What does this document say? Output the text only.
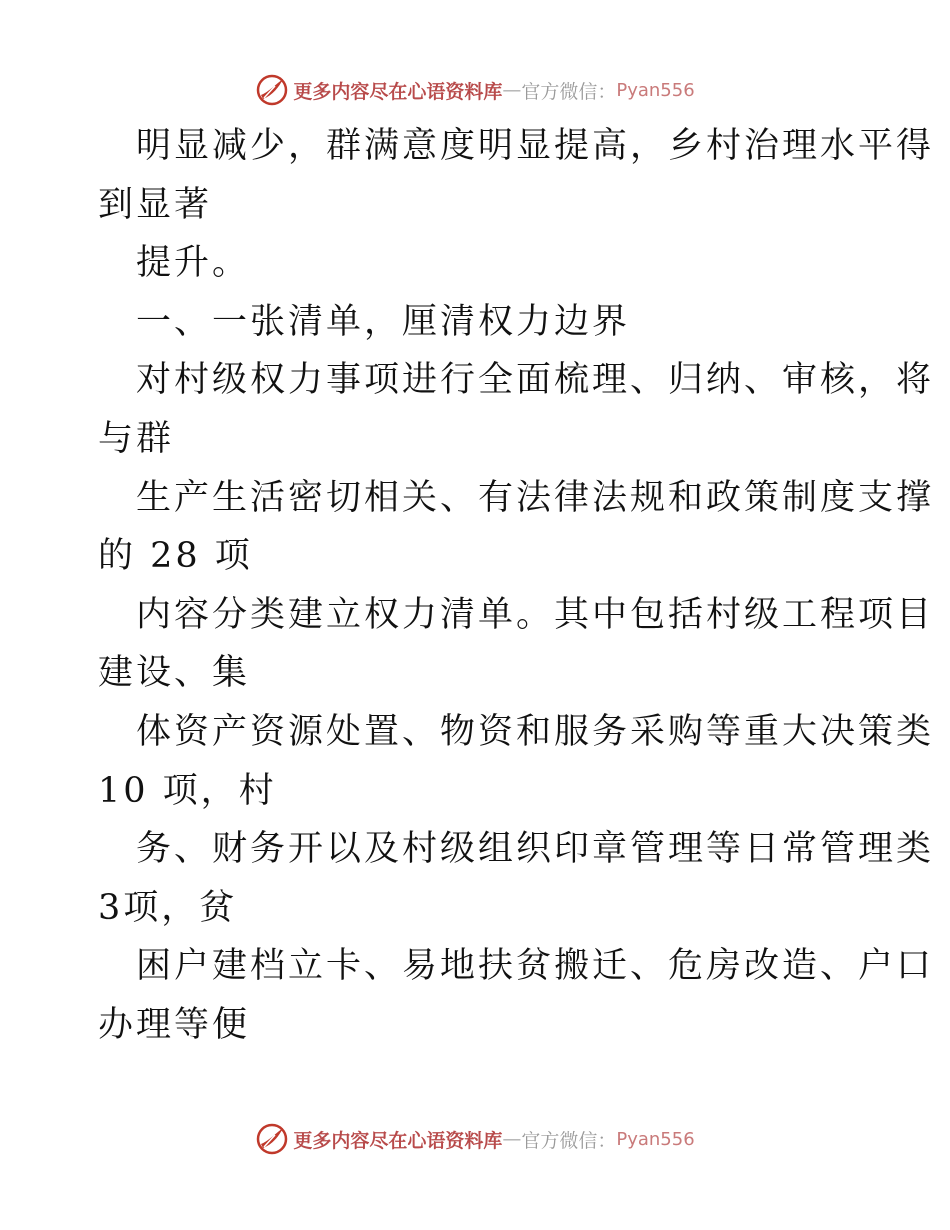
更多内容尽在心语资料库 — 官方微信： Pyan556
明显减少，群满意度明显提高，乡村治理水平得
到显著
提升。
一、一张清单，厘清权力边界
对村级权力事项进行全面梳理、归纳、审核，将
与群
生产生活密切相关、有法律法规和政策制度支撑
的 28 项
内容分类建立权力清单。其中包括村级工程项目
建设、集
体资产资源处置、物资和服务采购等重大决策类
10 项，村
务、财务开以及村级组织印章管理等日常管理类
3项，贫
困户建档立卡、易地扶贫搬迁、危房改造、户口
办理等便
更多内容尽在心语资料库 — 官方微信： Pyan556
